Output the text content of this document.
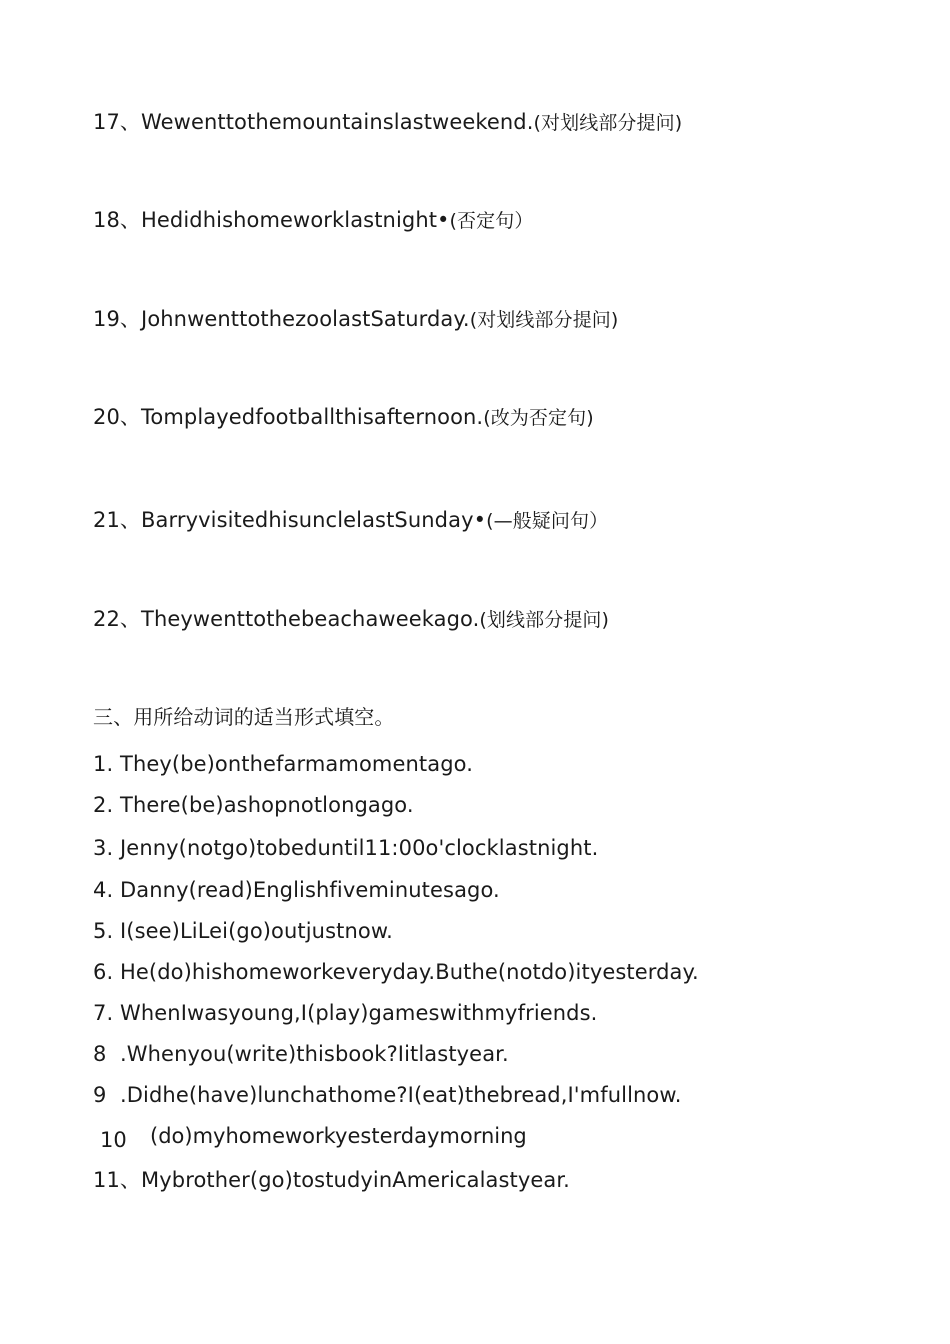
17、Wewenttothemountainslastweekend.(对划线部分提问)
18、Hedidhishomeworklastnight•(否定句）
19、JohnwenttothezoolastSaturday.(对划线部分提问)
20、Tomplayedfootballthisafternoon.(改为否定句)
21、BarryvisitedhisunclelastSunday•(—般疑问句）
22、Theywenttothebeachaweekago.(划线部分提问)
三、用所给动词的适当形式填空。
1. They(be)onthefarmamomentago.
2. There(be)ashopnotlongago.
3. Jenny(notgo)tobeduntil11:00o'clocklastnight.
4. Danny(read)Englishfiveminutesago.
5. I(see)LiLei(go)outjustnow.
6. He(do)hishomeworkeveryday.Buthe(notdo)ityesterday.
7. WhenIwasyoung,I(play)gameswithmyfriends.
8  .Whenyou(write)thisbook?Iitlastyear.
9  .Didhe(have)lunchathome?I(eat)thebread,I'mfullnow.
10 (do)myhomeworkyesterdaymorning
11、Mybrother(go)tostudyinAmericalastyear.
